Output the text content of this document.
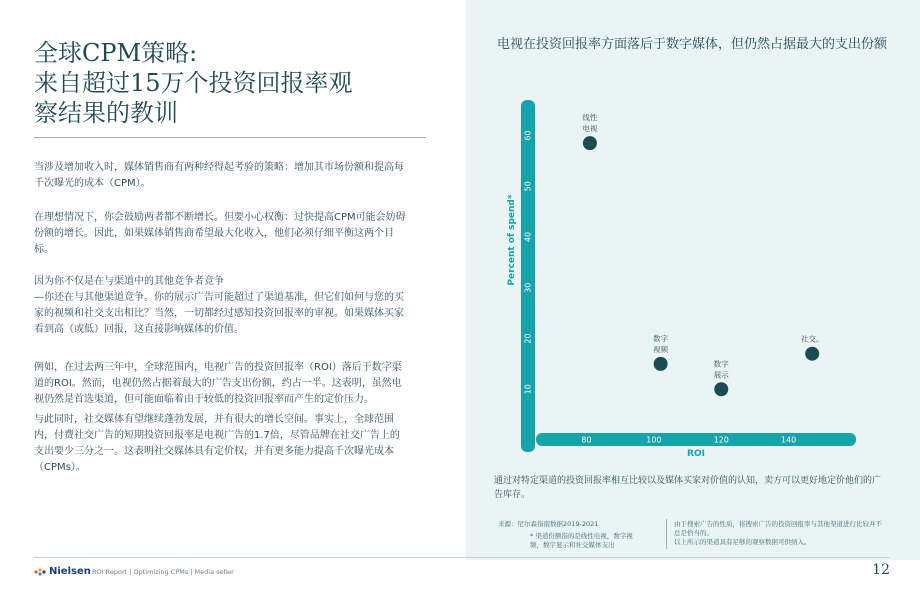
全球CPM策略:
来自超过15万个投资回报率观
察结果的教训
当涉及增加收入时，媒体销售商有两种经得起考验的策略：增加其市场份额和提高每千次曝光的成本（CPM）。
在理想情况下，你会鼓励两者都不断增长。但要小心权衡：过快提高CPM可能会妨碍份额的增长。因此，如果媒体销售商希望最大化收入，他们必须仔细平衡这两个目标。
因为你不仅是在与渠道中的其他竞争者竞争
—你还在与其他渠道竞争。你的展示广告可能超过了渠道基准，但它们如何与您的买家的视频和社交支出相比？当然，一切都经过感知投资回报率的审视。如果媒体买家看到高（或低）回报，这直接影响媒体的价值。
例如，在过去两三年中，全球范围内，电视广告的投资回报率（ROI）落后于数字渠道的ROI。然而，电视仍然占据着最大的广告支出份额，约占一半。这表明，虽然电视仍然是首选渠道，但可能面临着由于较低的投资回报率而产生的定价压力。
与此同时，社交媒体有望继续蓬勃发展，并有很大的增长空间。事实上，全球范围内，付费社交广告的短期投资回报率是电视广告的1.7倍，尽管品牌在社交广告上的支出要少三分之一。这表明社交媒体具有定价权，并有更多能力提高千次曝光成本（CPMs）。
电视在投资回报率方面落后于数字媒体，但仍然占据最大的支出份额
10
20
30
40
50
60
80	100	120	140
Percent of spend*
ROI
线性电视
数字视频
数字展示
社交。
通过对特定渠道的投资回报率相互比较以及媒体买家对价值的认知，卖方可以更好地定价他们的广告库存。
来源：尼尔森指南数据2019-2021
* 渠道份额指的是线性电视，数字视频，数字显示和社交媒体支出
由于搜索广告的性质，将搜索广告的投资回报率与其他渠道进行比较并不总是恰当的。
以上所示的渠道具有足够的观察数据可供纳入。
Nielsen ROI Report | Optimizing CPMs | Media seller	12
